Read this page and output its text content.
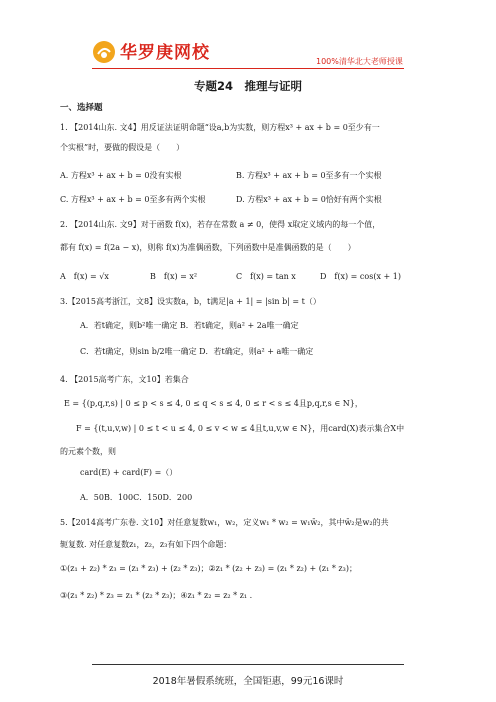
华罗庚网校	100%清华北大老师授课
专题24　推理与证明
一、选择题
1. 【2014山东. 文4】用反证法证明命题“设a,b为实数，则方程x³ + ax + b = 0至少有一
个实根”时，要做的假设是（　　）
A. 方程x³ + ax + b = 0没有实根	B. 方程x³ + ax + b = 0至多有一个实根
C. 方程x³ + ax + b = 0至多有两个实根	D. 方程x³ + ax + b = 0恰好有两个实根
2. 【2014山东. 文9】对于函数 f(x)，若存在常数 a ≠ 0，使得 x取定义域内的每一个值，
都有 f(x) = f(2a − x)，则称 f(x)为准偶函数，下列函数中是准偶函数的是（　　）
A　f(x) = √x	B　f(x) = x²	C　f(x) = tan x	D　f(x) = cos(x + 1)
3.【2015高考浙江，文8】设实数a，b，t满足|a + 1| = |sin b| = t（）
A．若t确定，则b²唯一确定 B．若t确定，则a² + 2a唯一确定
C．若t确定，则sin b/2唯一确定 D．若t确定，则a² + a唯一确定
4. 【2015高考广东，文10】若集合
E = {(p,q,r,s) | 0 ≤ p < s ≤ 4, 0 ≤ q < s ≤ 4, 0 ≤ r < s ≤ 4且p,q,r,s ∈ N}，
F = {(t,u,v,w) | 0 ≤ t < u ≤ 4, 0 ≤ v < w ≤ 4且t,u,v,w ∈ N}，用card(X)表示集合X中
的元素个数，则
card(E) + card(F) =（）
A．50B．100C．150D．200
5.【2014高考广东卷. 文10】对任意复数w₁，w₂，定义w₁ * w₂ = w₁w̄₂，其中w̄₂是w₂的共
轭复数. 对任意复数z₁，z₂，z₃有如下四个命题：
①(z₁ + z₂) * z₃ = (z₁ * z₃) + (z₂ * z₃)；②z₁ * (z₂ + z₃) = (z₁ * z₂) + (z₁ * z₃)；
③(z₁ * z₂) * z₃ = z₁ * (z₂ * z₃)；④z₁ * z₂ = z₂ * z₁ .
2018年暑假系统班，全国钜惠，99元16课时
